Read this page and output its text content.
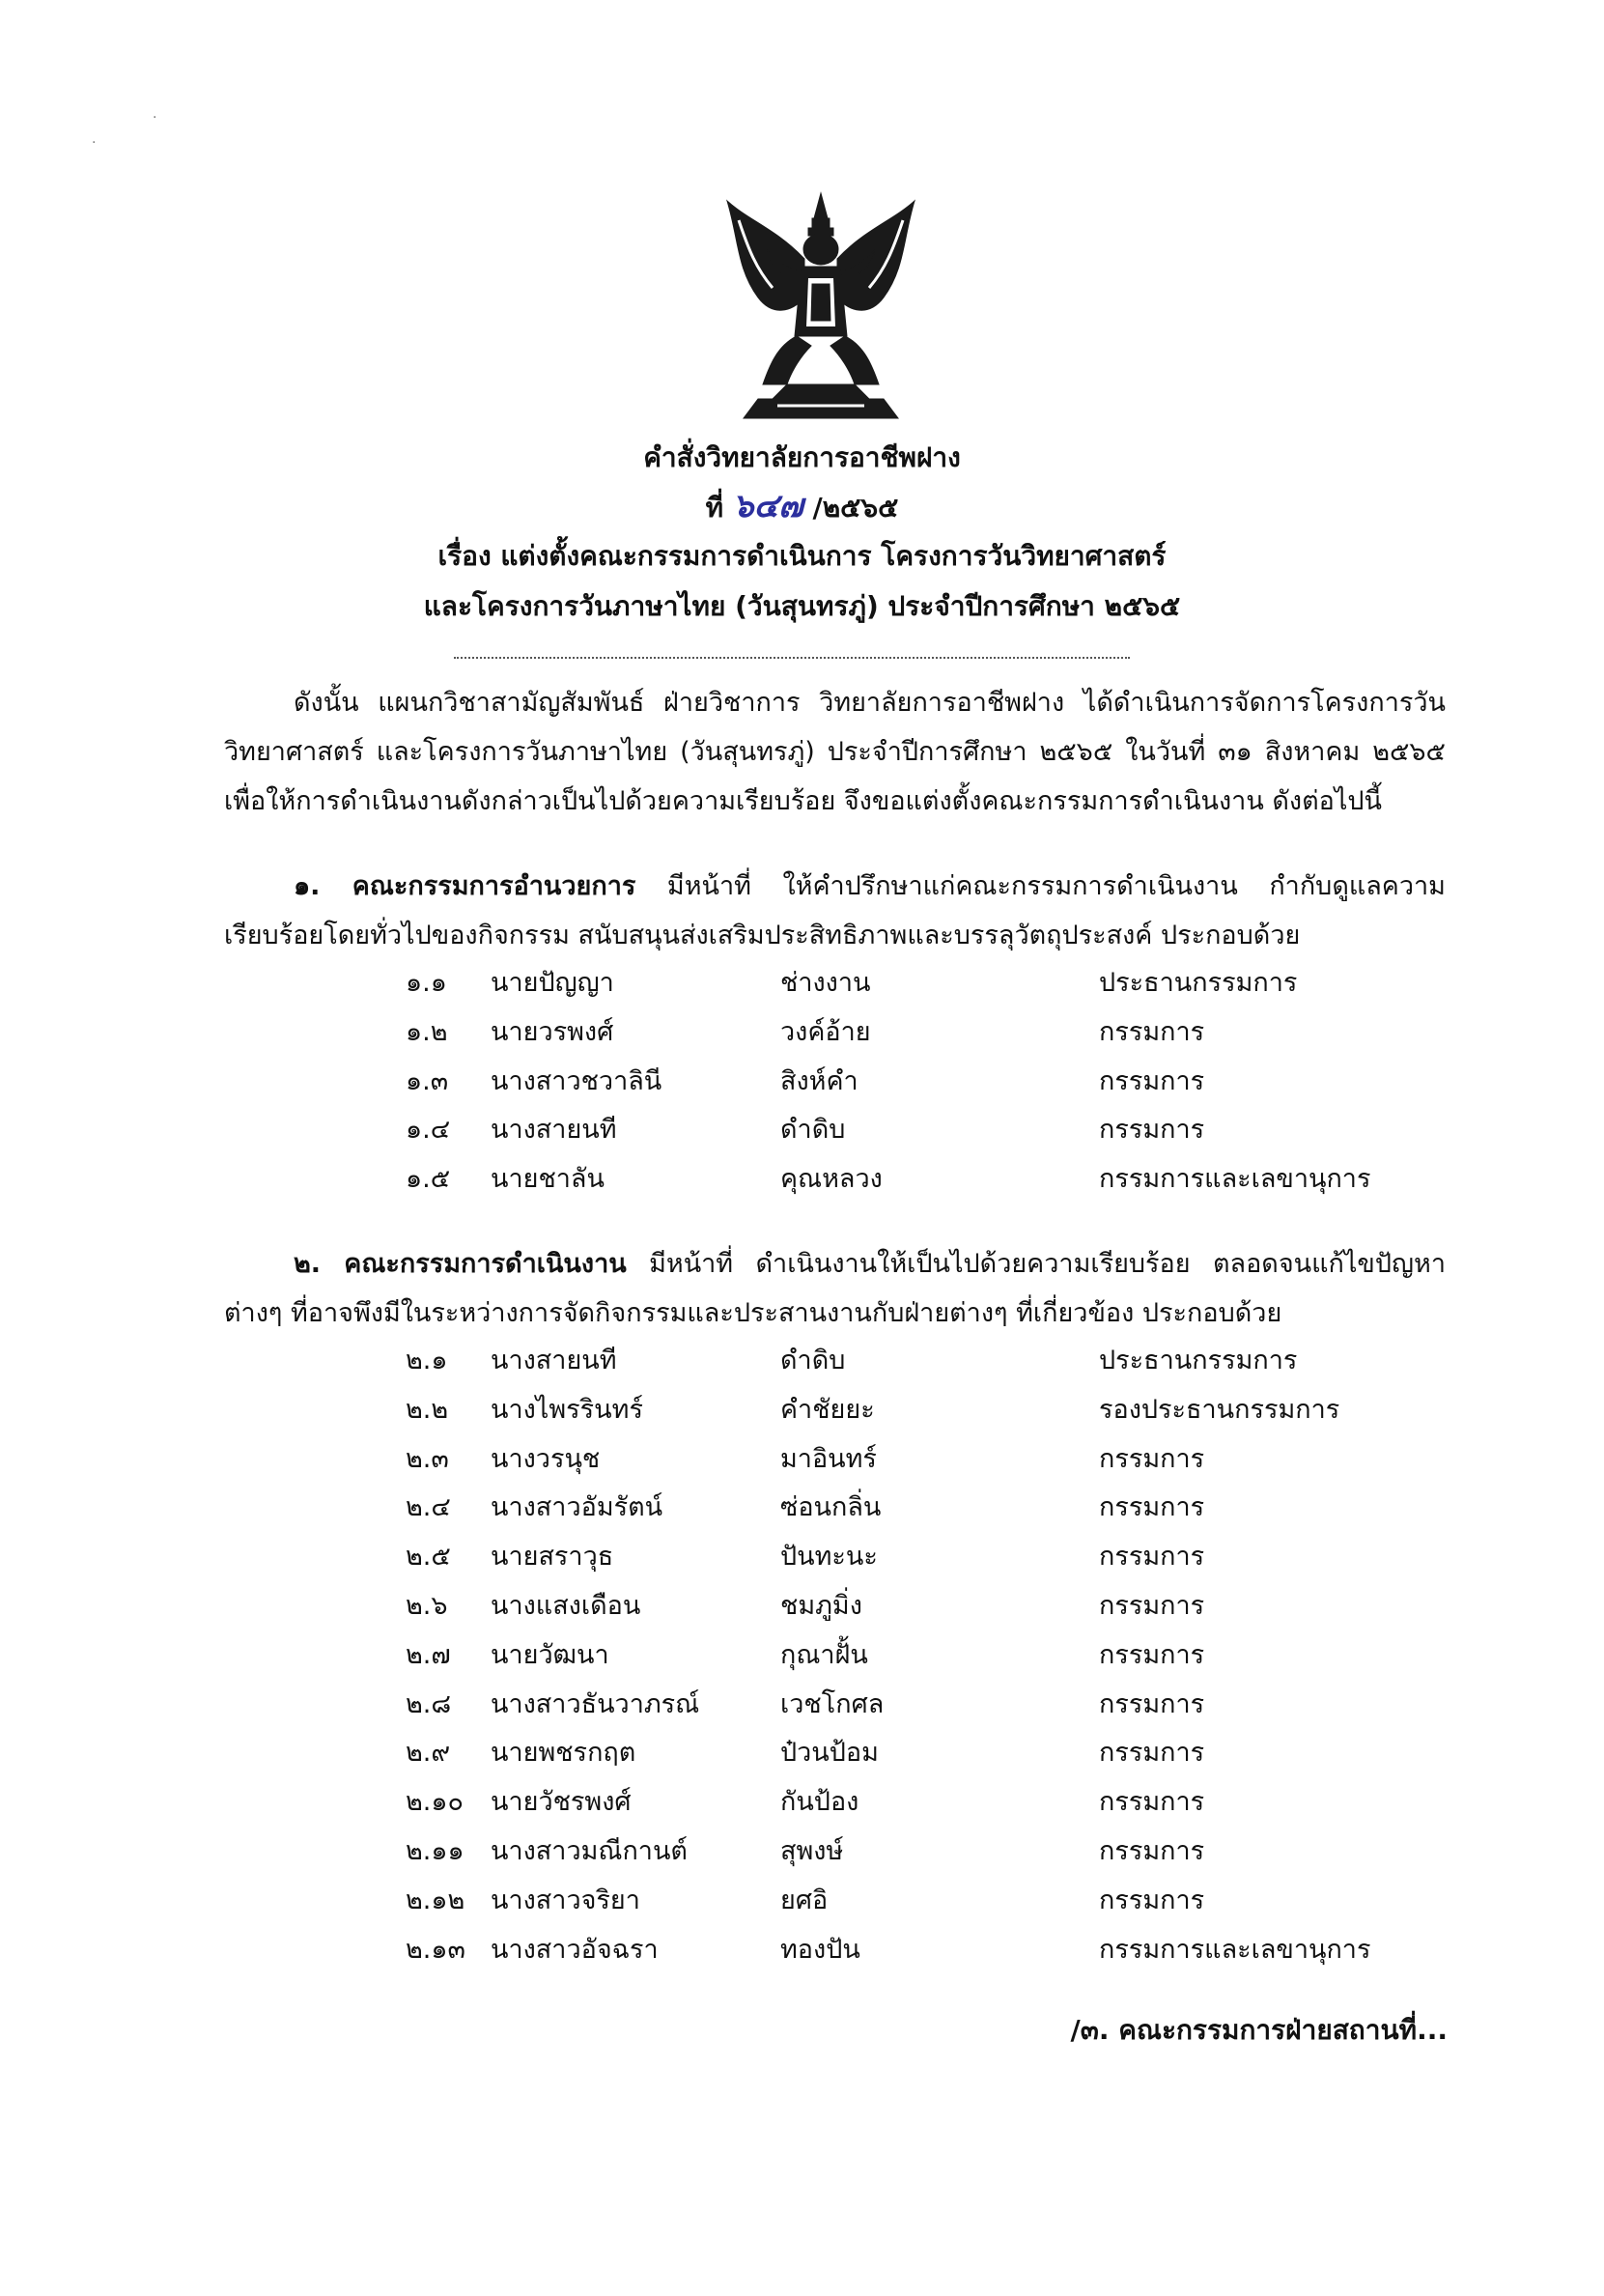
·
·
คำสั่งวิทยาลัยการอาชีพฝาง
ที่ ๖๔๗ /๒๕๖๕
เรื่อง แต่งตั้งคณะกรรมการดำเนินการ โครงการวันวิทยาศาสตร์
และโครงการวันภาษาไทย (วันสุนทรภู่) ประจำปีการศึกษา ๒๕๖๕
ดังนั้น แผนกวิชาสามัญสัมพันธ์ ฝ่ายวิชาการ วิทยาลัยการอาชีพฝาง ได้ดำเนินการจัดการโครงการวันวิทยาศาสตร์ และโครงการวันภาษาไทย (วันสุนทรภู่) ประจำปีการศึกษา ๒๕๖๕ ในวันที่ ๓๑ สิงหาคม ๒๕๖๕ เพื่อให้การดำเนินงานดังกล่าวเป็นไปด้วยความเรียบร้อย จึงขอแต่งตั้งคณะกรรมการดำเนินงาน ดังต่อไปนี้
๑. คณะกรรมการอำนวยการ มีหน้าที่ ให้คำปรึกษาแก่คณะกรรมการดำเนินงาน กำกับดูแลความเรียบร้อยโดยทั่วไปของกิจกรรม สนับสนุนส่งเสริมประสิทธิภาพและบรรลุวัตถุประสงค์ ประกอบด้วย
๑.๑ นายปัญญา	ช่างงาน	ประธานกรรมการ
๑.๒ นายวรพงศ์	วงค์อ้าย	กรรมการ
๑.๓ นางสาวชวาลินี	สิงห์คำ	กรรมการ
๑.๔ นางสายนที	ดำดิบ	กรรมการ
๑.๕ นายชาลัน	คุณหลวง	กรรมการและเลขานุการ
๒. คณะกรรมการดำเนินงาน มีหน้าที่ ดำเนินงานให้เป็นไปด้วยความเรียบร้อย ตลอดจนแก้ไขปัญหาต่างๆ ที่อาจพึงมีในระหว่างการจัดกิจกรรมและประสานงานกับฝ่ายต่างๆ ที่เกี่ยวข้อง ประกอบด้วย
๒.๑ นางสายนที	ดำดิบ	ประธานกรรมการ
๒.๒ นางไพรรินทร์	คำชัยยะ	รองประธานกรรมการ
๒.๓ นางวรนุช	มาอินทร์	กรรมการ
๒.๔ นางสาวอัมรัตน์	ซ่อนกลิ่น	กรรมการ
๒.๕ นายสราวุธ	ปันทะนะ	กรรมการ
๒.๖ นางแสงเดือน	ชมภูมิ่ง	กรรมการ
๒.๗ นายวัฒนา	กุณาฝั้น	กรรมการ
๒.๘ นางสาวธันวาภรณ์	เวชโกศล	กรรมการ
๒.๙ นายพชรกฤต	ป๋วนป้อม	กรรมการ
๒.๑๐ นายวัชรพงศ์	กันป้อง	กรรมการ
๒.๑๑ นางสาวมณีกานต์	สุพงษ์	กรรมการ
๒.๑๒ นางสาวจริยา	ยศอิ	กรรมการ
๒.๑๓ นางสาวอัจฉรา	ทองปัน	กรรมการและเลขานุการ
/๓. คณะกรรมการฝ่ายสถานที่...
